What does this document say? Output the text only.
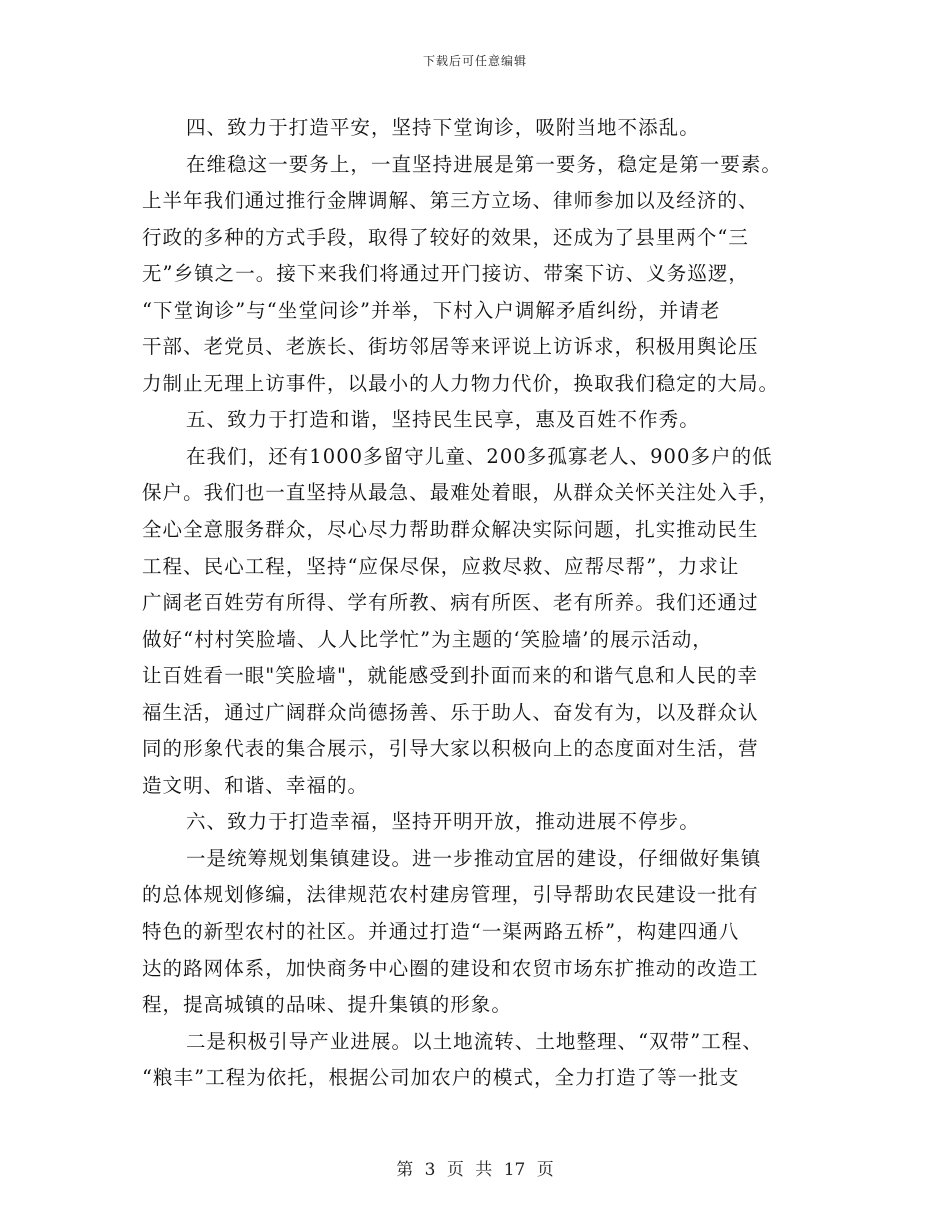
下载后可任意编辑
四、致力于打造平安，坚持下堂询诊，吸附当地不添乱。
在维稳这一要务上，一直坚持进展是第一要务，稳定是第一要素。
上半年我们通过推行金牌调解、第三方立场、律师参加以及经济的、
行政的多种的方式手段，取得了较好的效果，还成为了县里两个“三
无”乡镇之一。接下来我们将通过开门接访、带案下访、义务巡逻，
“下堂询诊”与“坐堂问诊”并举，下村入户调解矛盾纠纷，并请老
干部、老党员、老族长、街坊邻居等来评说上访诉求，积极用舆论压
力制止无理上访事件，以最小的人力物力代价，换取我们稳定的大局。
五、致力于打造和谐，坚持民生民享，惠及百姓不作秀。
在我们，还有1000多留守儿童、200多孤寡老人、900多户的低
保户。我们也一直坚持从最急、最难处着眼，从群众关怀关注处入手，
全心全意服务群众，尽心尽力帮助群众解决实际问题，扎实推动民生
工程、民心工程，坚持“应保尽保，应救尽救、应帮尽帮”，力求让
广阔老百姓劳有所得、学有所教、病有所医、老有所养。我们还通过
做好“村村笑脸墙、人人比学忙”为主题的‘笑脸墙’的展示活动，
让百姓看一眼"笑脸墙"，就能感受到扑面而来的和谐气息和人民的幸
福生活，通过广阔群众尚德扬善、乐于助人、奋发有为，以及群众认
同的形象代表的集合展示，引导大家以积极向上的态度面对生活，营
造文明、和谐、幸福的。
六、致力于打造幸福，坚持开明开放，推动进展不停步。
一是统筹规划集镇建设。进一步推动宜居的建设，仔细做好集镇
的总体规划修编，法律规范农村建房管理，引导帮助农民建设一批有
特色的新型农村的社区。并通过打造“一渠两路五桥”，构建四通八
达的路网体系，加快商务中心圈的建设和农贸市场东扩推动的改造工
程，提高城镇的品味、提升集镇的形象。
二是积极引导产业进展。以土地流转、土地整理、“双带”工程、
“粮丰”工程为依托，根据公司加农户的模式，全力打造了等一批支
第 3 页 共 17 页
